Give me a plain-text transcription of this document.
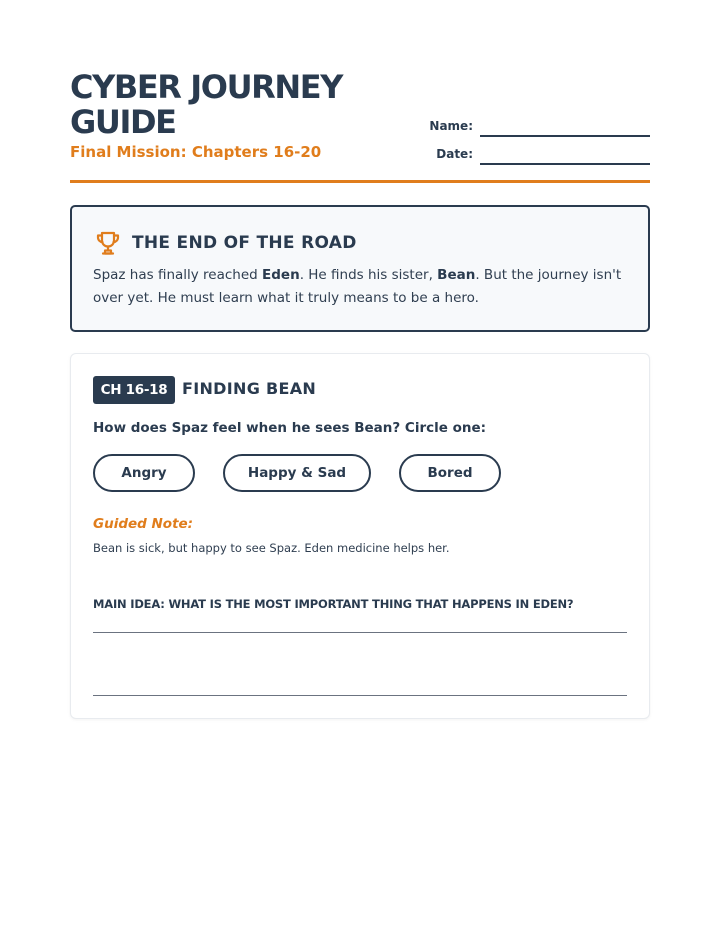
CYBER JOURNEY
GUIDE
Final Mission: Chapters 16-20
Name:
Date:
THE END OF THE ROAD

Spaz has finally reached Eden. He finds his sister, Bean. But the journey isn't over yet. He must learn what it truly means to be a hero.

CH 16-18 FINDING BEAN

How does Spaz feel when he sees Bean? Circle one:

Angry	Happy & Sad	Bored

Guided Note:

Bean is sick, but happy to see Spaz. Eden medicine helps her.

MAIN IDEA: WHAT IS THE MOST IMPORTANT THING THAT HAPPENS IN EDEN?
